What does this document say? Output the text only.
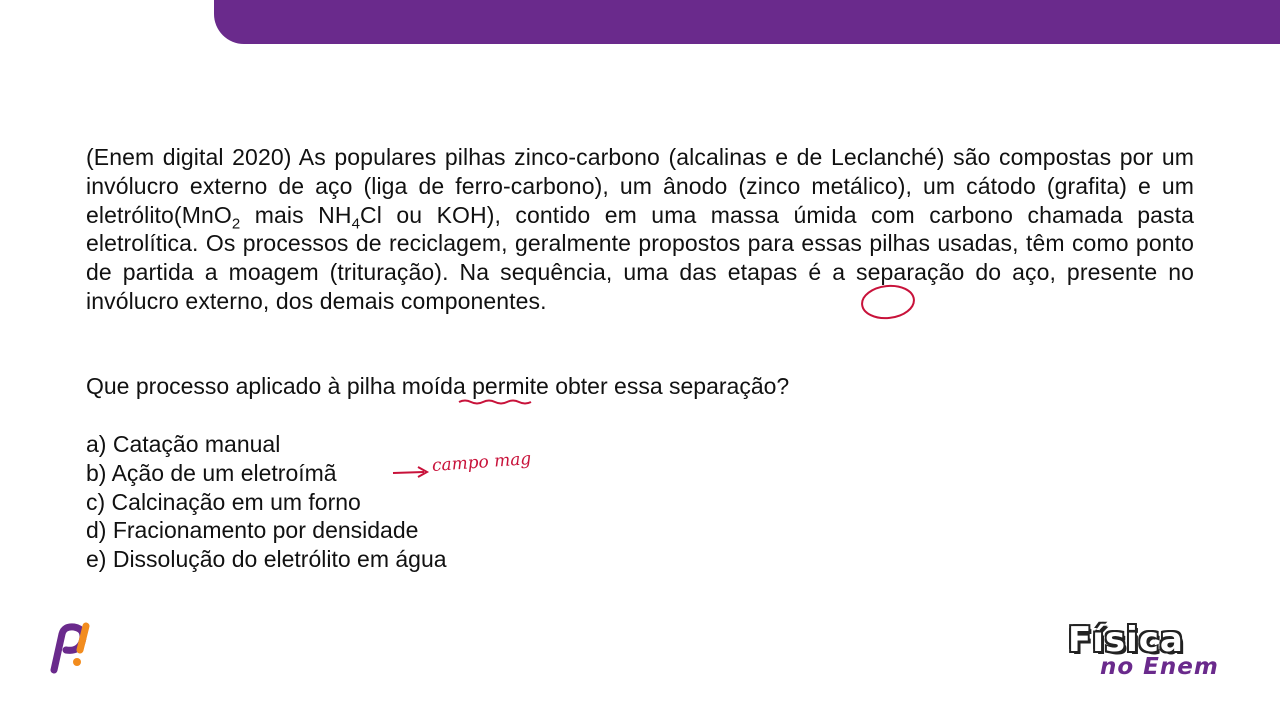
(Enem digital 2020) As populares pilhas zinco-carbono (alcalinas e de Leclanché) são compostas por um invólucro externo de aço (liga de ferro-carbono), um ânodo (zinco metálico), um cátodo (grafita) e um eletrólito(MnO$_2$ mais $NH_4Cl$ ou KOH), contido em uma massa úmida com carbono chamada pasta eletrolítica. Os processos de reciclagem, geralmente propostos para essas pilhas usadas, têm como ponto de partida a moagem (trituração). Na sequência, uma das etapas é a separação do aço, presente no invólucro externo, dos demais componentes.
Que processo aplicado à pilha moída permite obter essa separação?
a) Catação manual
b) Ação de um eletroímã
c) Calcinação em um forno
d) Fracionamento por densidade
e) Dissolução do eletrólito em água
campo mag
Física
no Enem
